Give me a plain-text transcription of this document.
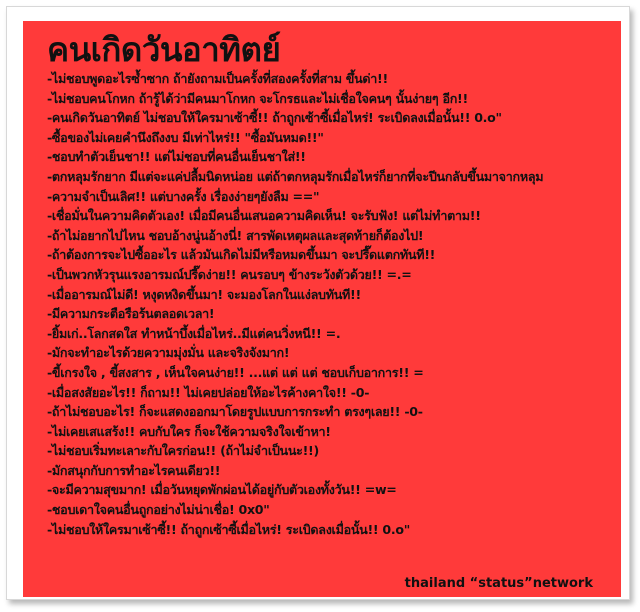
คนเกิดวันอาทิตย์
-ไม่ชอบพูดอะไรซ้ำซาก ถ้ายังถามเป็นครั้งที่สองครั้งที่สาม ขึ้นด่า!!
-ไม่ชอบคนโกหก ถ้ารู้ได้ว่ามีคนมาโกหก จะโกรธและไม่เชื่อใจคนๆ นั้นง่ายๆ อีก!!
-คนเกิดวันอาทิตย์ ไม่ชอบให้ใครมาเซ้าซี้!! ถ้าถูกเซ้าซี้เมื่อไหร่! ระเบิดลงเมื่อนั้น!! 0.o"
-ซื้อของไม่เคยคำนึงถึงงบ มีเท่าไหร่!! "ซื้อมันหมด!!"
-ชอบทำตัวเย็นชา!! แต่ไม่ชอบที่คนอื่นเย็นชาใส่!!
-ตกหลุมรักยาก มีแต่จะแค่ปลื้มนิดหน่อย แต่ถ้าตกหลุมรักเมื่อไหร่ก็ยากที่จะปีนกลับขึ้นมาจากหลุม
-ความจำเป็นเลิศ!! แต่บางครั้ง เรื่องง่ายๆยังลืม =="
-เชื่อมั่นในความคิดตัวเอง! เมื่อมีคนอื่นเสนอความคิดเห็น! จะรับฟัง! แต่ไม่ทำตาม!!
-ถ้าไม่อยากไปไหน ชอบอ้างนู่นอ้างนี่! สารพัดเหตุผลและสุดท้ายก็ต้องไป!
-ถ้าต้องการจะไปซื้ออะไร แล้วมันเกิดไม่มีหรือหมดขึ้นมา จะปรี๊ดแตกทันที!!
-เป็นพวกหัวรุนแรงอารมณ์ปรี๊ดง่าย!! คนรอบๆ ข้างระวังตัวด้วย!! =.=
-เมื่ออารมณ์ไม่ดี! หงุดหงิดขึ้นมา! จะมองโลกในแง่ลบทันที!!
-มีความกระตือรือร้นตลอดเวลา!
-ยิ้มเก่..โลกสดใส ทำหน้าบึ้งเมื่อไหร่..มีแต่คนวิ่งหนี!! =.
-มักจะทำอะไรด้วยความมุ่งมั่น และจริงจังมาก!
-ขี้เกรงใจ , ขี้สงสาร , เห็นใจคนง่าย!! ...แต่ แต่ แต่ ชอบเก็บอาการ!! =
-เมื่อสงสัยอะไร!! ก็ถาม!! ไม่เคยปล่อยให้อะไรค้างคาใจ!! -0-
-ถ้าไม่ชอบอะไร! ก็จะแสดงออกมาโดยรูปแบบการกระทำ ตรงๆเลย!! -0-
-ไม่เคยเสแสร้ง!! คบกับใคร ก็จะใช้ความจริงใจเข้าหา!
-ไม่ชอบเริ่มทะเลาะกับใครก่อน!! (ถ้าไม่จำเป็นนะ!!)
-มักสนุกกับการทำอะไรคนเดียว!!
-จะมีความสุขมาก! เมื่อวันหยุดพักผ่อนได้อยู่กับตัวเองทั้งวัน!! =w=
-ชอบเดาใจคนอื่นถูกอย่างไม่น่าเชื่อ! 0x0"
-ไม่ชอบให้ใครมาเซ้าซี้!! ถ้าถูกเซ้าซี้เมื่อไหร่! ระเบิดลงเมื่อนั้น!! 0.o"
thailand “status”network
